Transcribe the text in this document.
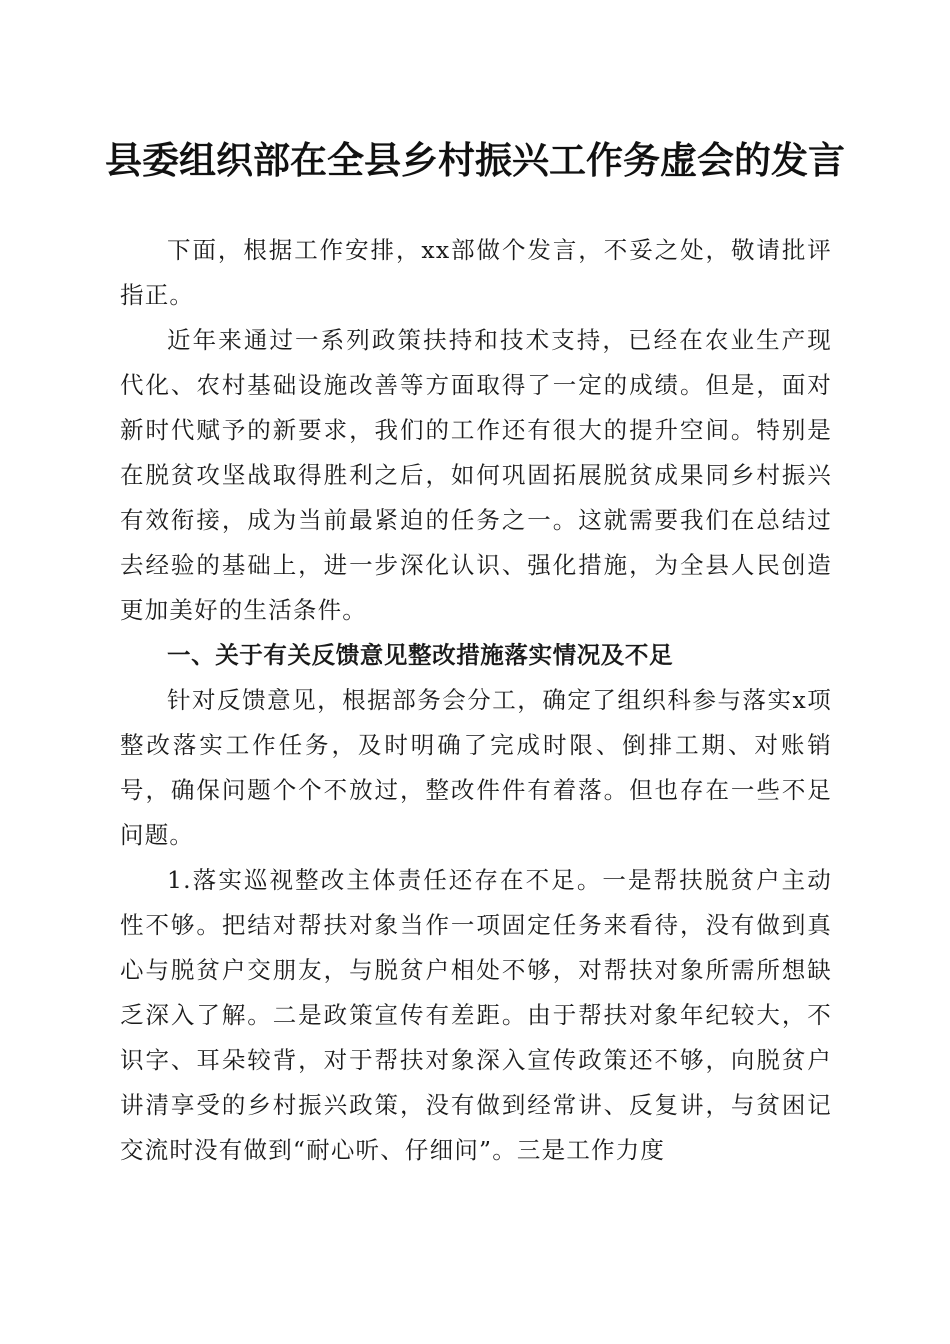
县委组织部在全县乡村振兴工作务虚会的发言

下面，根据工作安排，xx部做个发言，不妥之处，敬请批评指正。

近年来通过一系列政策扶持和技术支持，已经在农业生产现代化、农村基础设施改善等方面取得了一定的成绩。但是，面对新时代赋予的新要求，我们的工作还有很大的提升空间。特别是在脱贫攻坚战取得胜利之后，如何巩固拓展脱贫成果同乡村振兴有效衔接，成为当前最紧迫的任务之一。这就需要我们在总结过去经验的基础上，进一步深化认识、强化措施，为全县人民创造更加美好的生活条件。

一、关于有关反馈意见整改措施落实情况及不足

针对反馈意见，根据部务会分工，确定了组织科参与落实x项整改落实工作任务，及时明确了完成时限、倒排工期、对账销号，确保问题个个不放过，整改件件有着落。但也存在一些不足问题。

1.落实巡视整改主体责任还存在不足。一是帮扶脱贫户主动性不够。把结对帮扶对象当作一项固定任务来看待，没有做到真心与脱贫户交朋友，与脱贫户相处不够，对帮扶对象所需所想缺乏深入了解。二是政策宣传有差距。由于帮扶对象年纪较大，不识字、耳朵较背，对于帮扶对象深入宣传政策还不够，向脱贫户讲清享受的乡村振兴政策，没有做到经常讲、反复讲，与贫困记交流时没有做到“耐心听、仔细问”。三是工作力度
